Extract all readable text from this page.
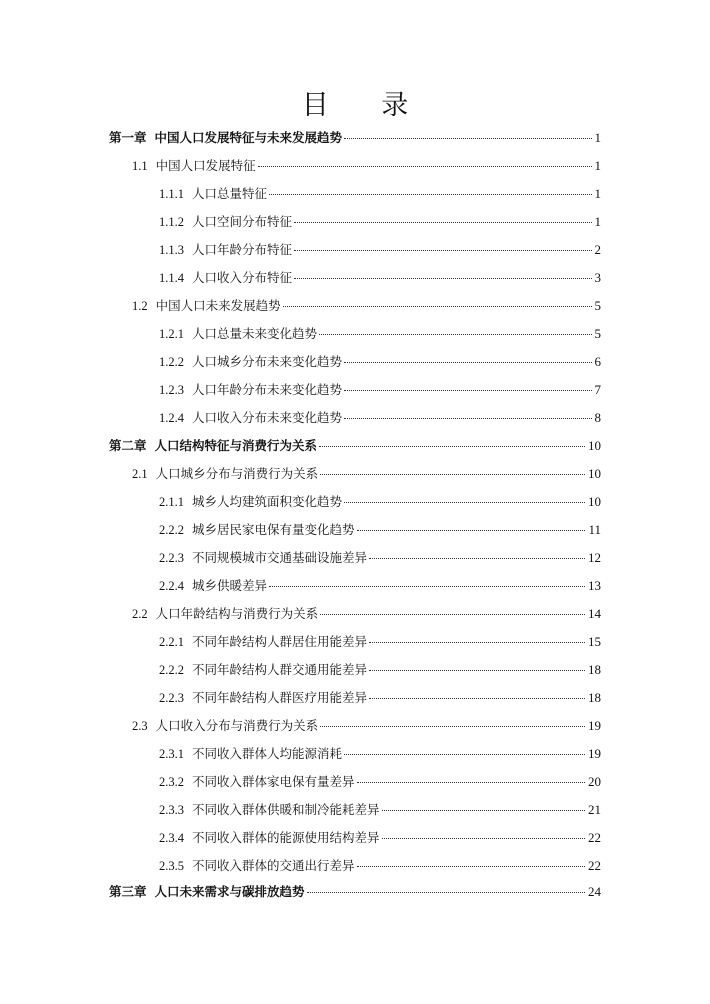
目 录
第一章 中国人口发展特征与未来发展趋势	1
1.1 中国人口发展特征	1
1.1.1 人口总量特征	1
1.1.2 人口空间分布特征	1
1.1.3 人口年龄分布特征	2
1.1.4 人口收入分布特征	3
1.2 中国人口未来发展趋势	5
1.2.1 人口总量未来变化趋势	5
1.2.2 人口城乡分布未来变化趋势	6
1.2.3 人口年龄分布未来变化趋势	7
1.2.4 人口收入分布未来变化趋势	8
第二章 人口结构特征与消费行为关系	10
2.1 人口城乡分布与消费行为关系	10
2.1.1 城乡人均建筑面积变化趋势	10
2.2.2 城乡居民家电保有量变化趋势	11
2.2.3 不同规模城市交通基础设施差异	12
2.2.4 城乡供暖差异	13
2.2 人口年龄结构与消费行为关系	14
2.2.1 不同年龄结构人群居住用能差异	15
2.2.2 不同年龄结构人群交通用能差异	18
2.2.3 不同年龄结构人群医疗用能差异	18
2.3 人口收入分布与消费行为关系	19
2.3.1 不同收入群体人均能源消耗	19
2.3.2 不同收入群体家电保有量差异	20
2.3.3 不同收入群体供暖和制冷能耗差异	21
2.3.4 不同收入群体的能源使用结构差异	22
2.3.5 不同收入群体的交通出行差异	22
第三章 人口未来需求与碳排放趋势	24
